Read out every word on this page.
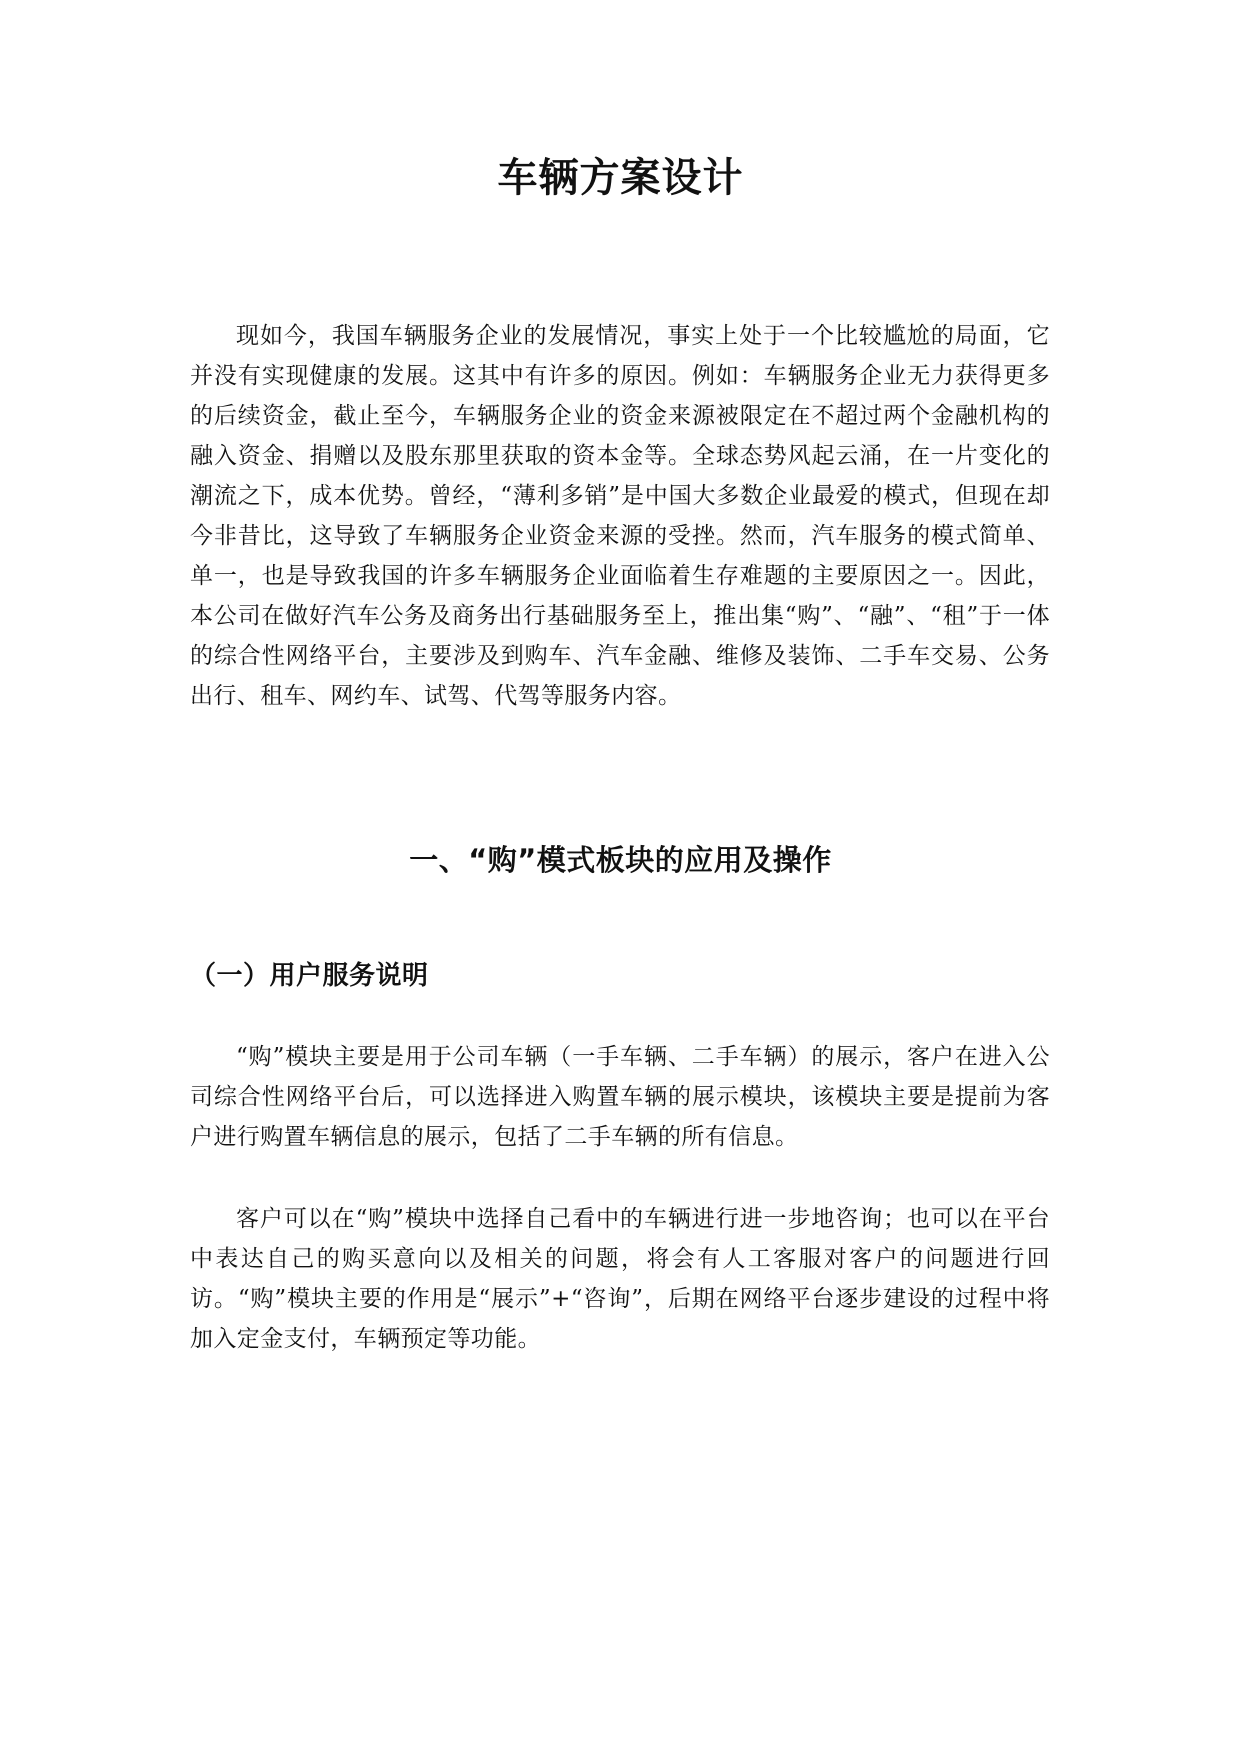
车辆方案设计

现如今，我国车辆服务企业的发展情况，事实上处于一个比较尴尬的局面，它并没有实现健康的发展。这其中有许多的原因。例如：车辆服务企业无力获得更多的后续资金，截止至今，车辆服务企业的资金来源被限定在不超过两个金融机构的融入资金、捐赠以及股东那里获取的资本金等。全球态势风起云涌，在一片变化的潮流之下，成本优势。曾经，“薄利多销”是中国大多数企业最爱的模式，但现在却今非昔比，这导致了车辆服务企业资金来源的受挫。然而，汽车服务的模式简单、单一，也是导致我国的许多车辆服务企业面临着生存难题的主要原因之一。因此，本公司在做好汽车公务及商务出行基础服务至上，推出集“购”、“融”、“租”于一体的综合性网络平台，主要涉及到购车、汽车金融、维修及装饰、二手车交易、公务出行、租车、网约车、试驾、代驾等服务内容。

一、“购”模式板块的应用及操作
（一）用户服务说明

“购”模块主要是用于公司车辆（一手车辆、二手车辆）的展示，客户在进入公司综合性网络平台后，可以选择进入购置车辆的展示模块，该模块主要是提前为客户进行购置车辆信息的展示，包括了二手车辆的所有信息。

客户可以在“购”模块中选择自己看中的车辆进行进一步地咨询；也可以在平台中表达自己的购买意向以及相关的问题，将会有人工客服对客户的问题进行回访。“购”模块主要的作用是“展示”+“咨询”，后期在网络平台逐步建设的过程中将加入定金支付，车辆预定等功能。
